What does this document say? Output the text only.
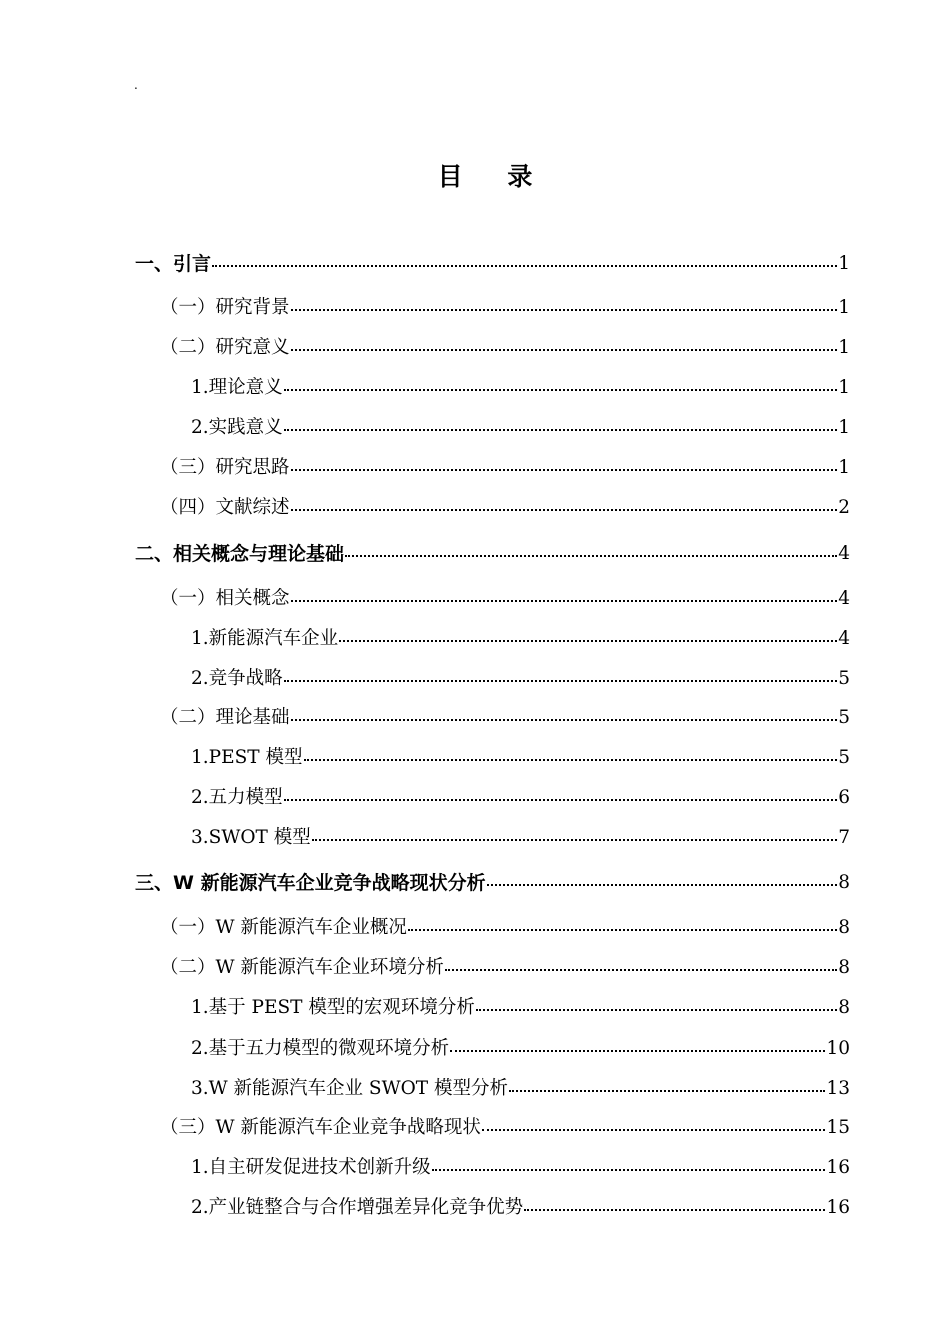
.
目 录
一、引言	1
（一）研究背景	1
（二）研究意义	1
1.理论意义	1
2.实践意义	1
（三）研究思路	1
（四）文献综述	2
二、相关概念与理论基础	4
（一）相关概念	4
1.新能源汽车企业	4
2.竞争战略	5
（二）理论基础	5
1.PEST 模型	5
2.五力模型	6
3.SWOT 模型	7
三、W 新能源汽车企业竞争战略现状分析	8
（一）W 新能源汽车企业概况	8
（二）W 新能源汽车企业环境分析	8
1.基于 PEST 模型的宏观环境分析	8
2.基于五力模型的微观环境分析	10
3.W 新能源汽车企业 SWOT 模型分析	13
（三）W 新能源汽车企业竞争战略现状	15
1.自主研发促进技术创新升级	16
2.产业链整合与合作增强差异化竞争优势	16
